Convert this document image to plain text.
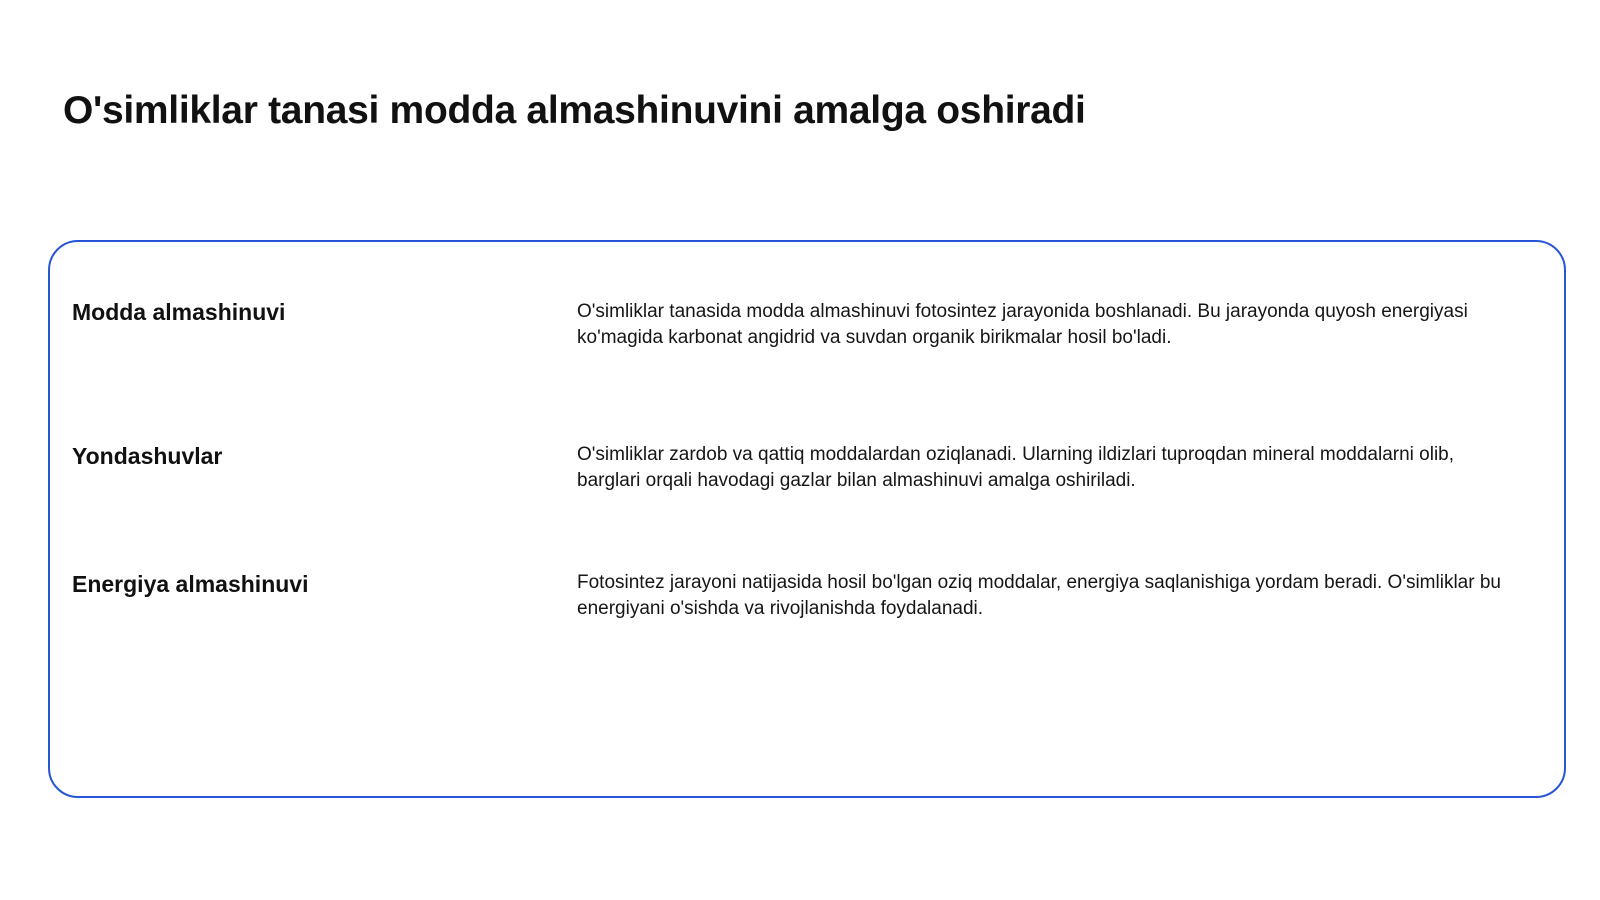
O'simliklar tanasi modda almashinuvini amalga oshiradi
Modda almashinuvi	O'simliklar tanasida modda almashinuvi fotosintez jarayonida boshlanadi. Bu jarayonda quyosh energiyasi ko'magida karbonat angidrid va suvdan organik birikmalar hosil bo'ladi.

Yondashuvlar	O'simliklar zardob va qattiq moddalardan oziqlanadi. Ularning ildizlari tuproqdan mineral moddalarni olib, barglari orqali havodagi gazlar bilan almashinuvi amalga oshiriladi.

Energiya almashinuvi	Fotosintez jarayoni natijasida hosil bo'lgan oziq moddalar, energiya saqlanishiga yordam beradi. O'simliklar bu energiyani o'sishda va rivojlanishda foydalanadi.
